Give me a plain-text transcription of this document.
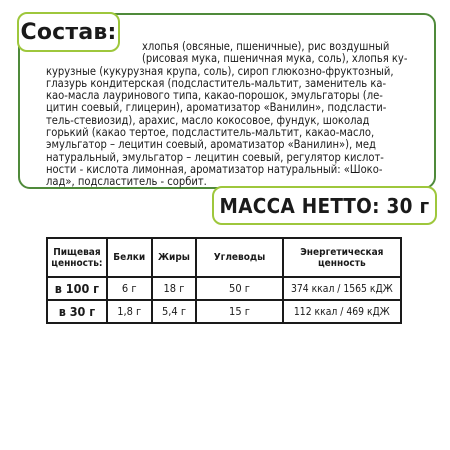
хлопья (овсяные, пшеничные), рис воздушный
(рисовая мука, пшеничная мука, соль), хлопья ку-
курузные (кукурузная крупа, соль), сироп глюкозно-фруктозный,
глазурь кондитерская (подсластитель-мальтит, заменитель ка-
као-масла лауринового типа, какао-порошок, эмульгаторы (ле-
цитин соевый, глицерин), ароматизатор «Ванилин», подсласти-
тель-стевиозид), арахис, масло кокосовое, фундук, шоколад
горький (какао тертое, подсластитель-мальтит, какао-масло,
эмульгатор – лецитин соевый, ароматизатор «Ванилин»), мед
натуральный, эмульгатор – лецитин соевый, регулятор кислот-
ности - кислота лимонная, ароматизатор натуральный: «Шоко-
лад», подсластитель - сорбит.
Состав:
МАССА НЕТТО: 30 г
Пищевая
ценность:	Белки	Жиры	Углеводы	Энергетическая
ценность
в 100 г	6 г	18 г	50 г	374 ккал / 1565 кДЖ
в 30 г	1,8 г	5,4 г	15 г	112 ккал / 469 кДЖ
